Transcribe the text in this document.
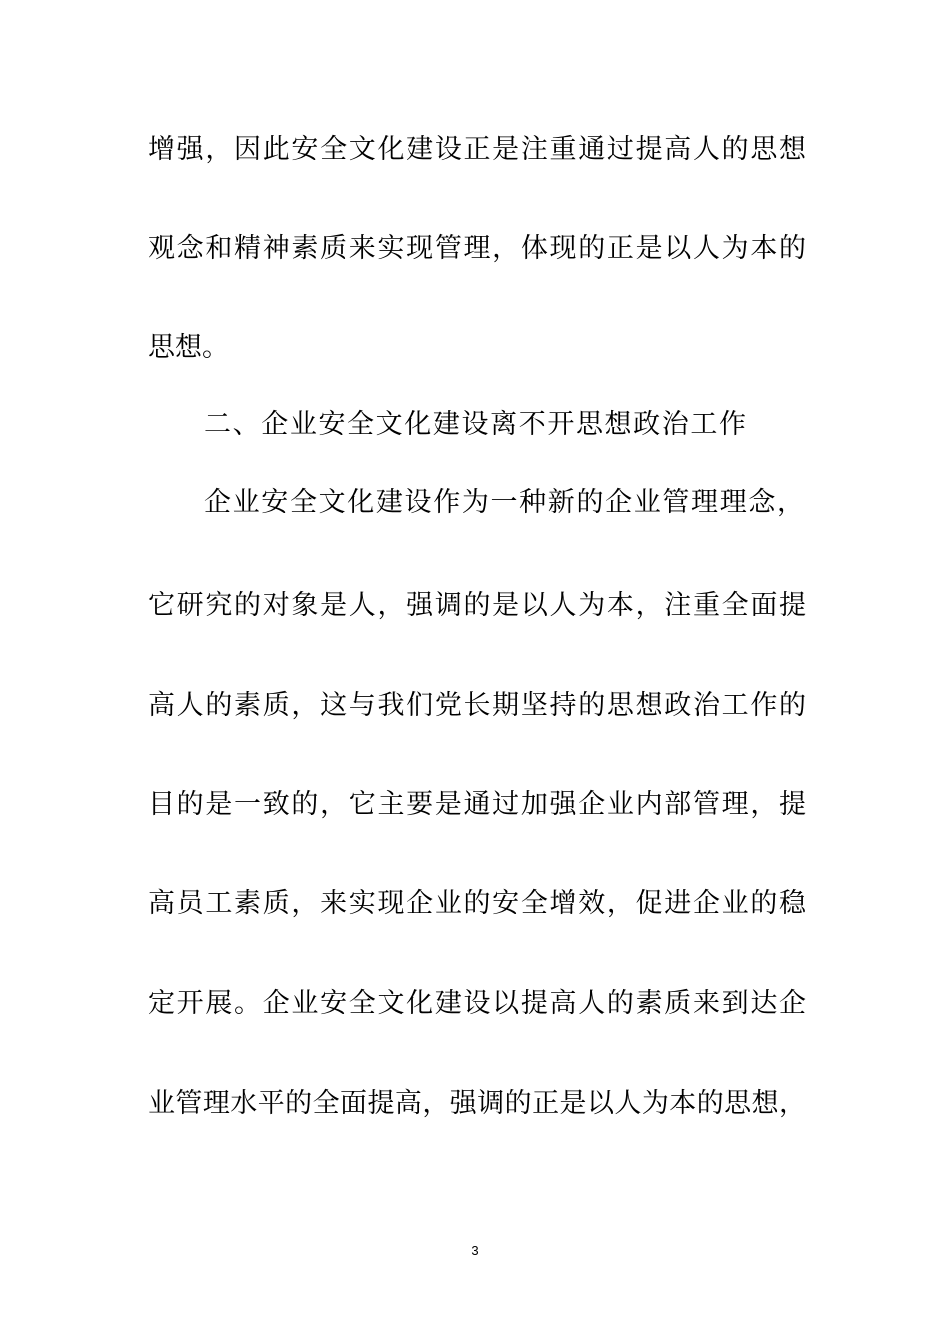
增强，因此安全文化建设正是注重通过提高人的思想
观念和精神素质来实现管理，体现的正是以人为本的
思想。
二、企业安全文化建设离不开思想政治工作
企业安全文化建设作为一种新的企业管理理念，
它研究的对象是人，强调的是以人为本，注重全面提
高人的素质，这与我们党长期坚持的思想政治工作的
目的是一致的，它主要是通过加强企业内部管理，提
高员工素质，来实现企业的安全增效，促进企业的稳
定开展。企业安全文化建设以提高人的素质来到达企
业管理水平的全面提高，强调的正是以人为本的思想，
3
